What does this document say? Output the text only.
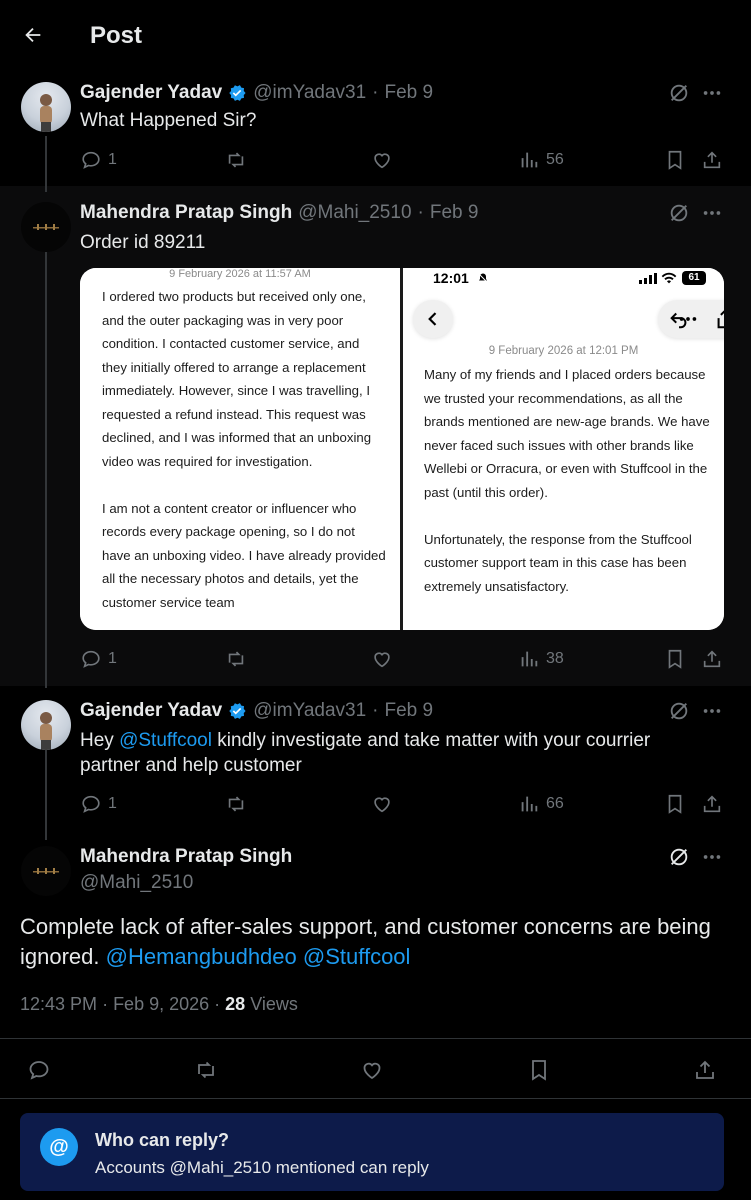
Post
Gajender Yadav @imYadav31 · Feb 9
What Happened Sir?
1	56
Mahendra Pratap Singh @Mahi_2510 · Feb 9
Order id 89211
9 February 2026 at 11:57 AM
I ordered two products but received only one, and the outer packaging was in very poor condition. I contacted customer service, and they initially offered to arrange a replacement immediately. However, since I was travelling, I requested a refund instead. This request was declined, and I was informed that an unboxing video was required for investigation.

I am not a content creator or influencer who records every package opening, so I do not have an unboxing video. I have already provided all the necessary photos and details, yet the customer service team
12:01	61
9 February 2026 at 12:01 PM
Many of my friends and I placed orders because we trusted your recommendations, as all the brands mentioned are new-age brands. We have never faced such issues with other brands like Wellebi or Orracura, or even with Stuffcool in the past (until this order).

Unfortunately, the response from the Stuffcool customer support team in this case has been extremely unsatisfactory.
1	38
Gajender Yadav @imYadav31 · Feb 9
Hey @Stuffcool kindly investigate and take matter with your courrier partner and help customer
1	66
Mahendra Pratap Singh
@Mahi_2510
Complete lack of after-sales support, and customer concerns are being ignored. @Hemangbudhdeo @Stuffcool
12:43 PM · Feb 9, 2026 · 28 Views
@	Who can reply?
Accounts @Mahi_2510 mentioned can reply
